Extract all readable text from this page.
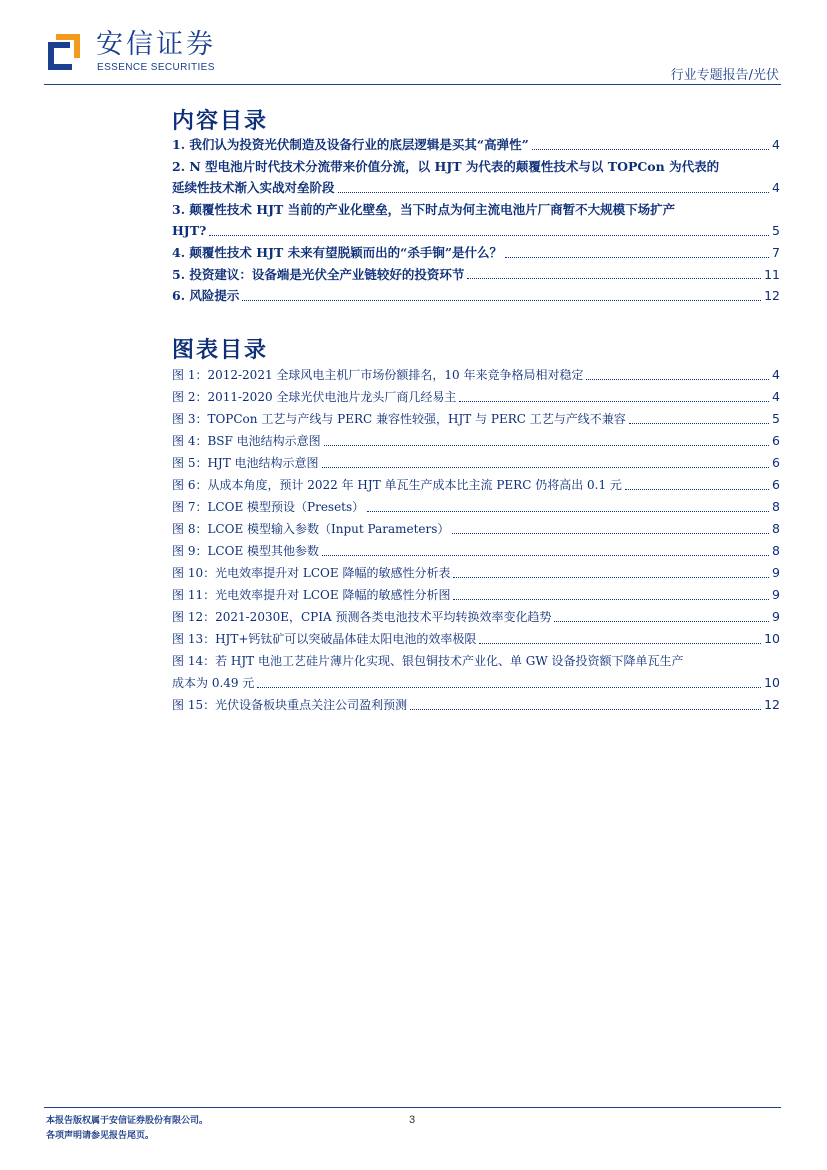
安信证券
ESSENCE SECURITIES
行业专题报告/光伏
内容目录
1. 我们认为投资光伏制造及设备行业的底层逻辑是买其“高弹性”	4
2. N 型电池片时代技术分流带来价值分流，以 HJT 为代表的颠覆性技术与以 TOPCon 为代表的
延续性技术渐入实战对垒阶段	4
3. 颠覆性技术 HJT 当前的产业化壁垒，当下时点为何主流电池片厂商暂不大规模下场扩产
HJT?	5
4. 颠覆性技术 HJT 未来有望脱颖而出的“杀手锏”是什么？	7
5. 投资建议：设备端是光伏全产业链较好的投资环节	11
6. 风险提示	12
图表目录
图 1：2012-2021 全球风电主机厂市场份额排名，10 年来竞争格局相对稳定	4
图 2：2011-2020 全球光伏电池片龙头厂商几经易主	4
图 3：TOPCon 工艺与产线与 PERC 兼容性较强，HJT 与 PERC 工艺与产线不兼容	5
图 4：BSF 电池结构示意图	6
图 5：HJT 电池结构示意图	6
图 6：从成本角度，预计 2022 年 HJT 单瓦生产成本比主流 PERC 仍将高出 0.1 元	6
图 7：LCOE 模型预设（Presets）	8
图 8：LCOE 模型输入参数（Input Parameters）	8
图 9：LCOE 模型其他参数	8
图 10：光电效率提升对 LCOE 降幅的敏感性分析表	9
图 11：光电效率提升对 LCOE 降幅的敏感性分析图	9
图 12：2021-2030E，CPIA 预测各类电池技术平均转换效率变化趋势	9
图 13：HJT+钙钛矿可以突破晶体硅太阳电池的效率极限	10
图 14：若 HJT 电池工艺硅片薄片化实现、银包铜技术产业化、单 GW 设备投资额下降单瓦生产
成本为 0.49 元	10
图 15：光伏设备板块重点关注公司盈利预测	12
本报告版权属于安信证券股份有限公司。
各项声明请参见报告尾页。
3
